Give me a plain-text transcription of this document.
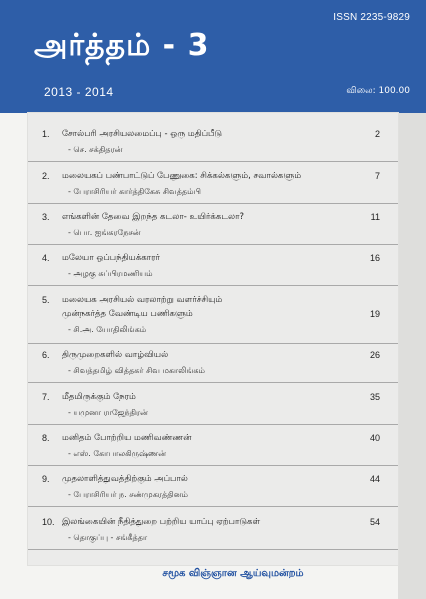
ISSN 2235-9829
அர்த்தம் - 3
2013 - 2014	விலை: 100.00
1. சோல்பரி அரசியலமைப்பு - ஒரு மதிப்பீடு
- செ. சக்திதரன்
2
2. மலையகப் பண்பாட்டுப் பேணுகை: சிக்கல்களும், சவால்களும்
- பேராசிரியர் கார்த்திகேசு சிவத்தம்பி
7
3. எங்களின் தேவை இறந்த கடலா- உயிர்க்கடலா?
- பொ. ஐங்கரநேசன்
11
4. மலேயா ஒப்பந்தியக்காரர்
- அழகு சுப்பிரமணியம்
16
5. மலையக அரசியல் வரலாற்று வளர்ச்சியும்
முன்நகர்த்த வேண்டிய பணிகளும்
- சி.அ. யோதிலிங்கம்
19
6. திருமுறைகளில் வாழ்வியல்
- சிவத்தமிழ் வித்தகர் சிவ மகாலிங்கம்
26
7. மீதமிருக்கும் நேரம்
- யமுனா ராஜேந்திரன்
35
8. மனிதம் போற்றிய மணிவண்ணன்
- எஸ். கோபாலகிருஷ்ணன்
40
9. முதலாளித்துவத்திற்கும் அப்பால்
- பேராசிரியர் ந. சண்முகரத்தினம்
44
10. இலங்கையின் நீதித்துறை பற்றிய யாப்பு ஏற்பாடுகள்
- தொகுப்பு - சங்கீத்தா
54
சமூக விஞ்ஞான ஆய்வுமன்றம்
